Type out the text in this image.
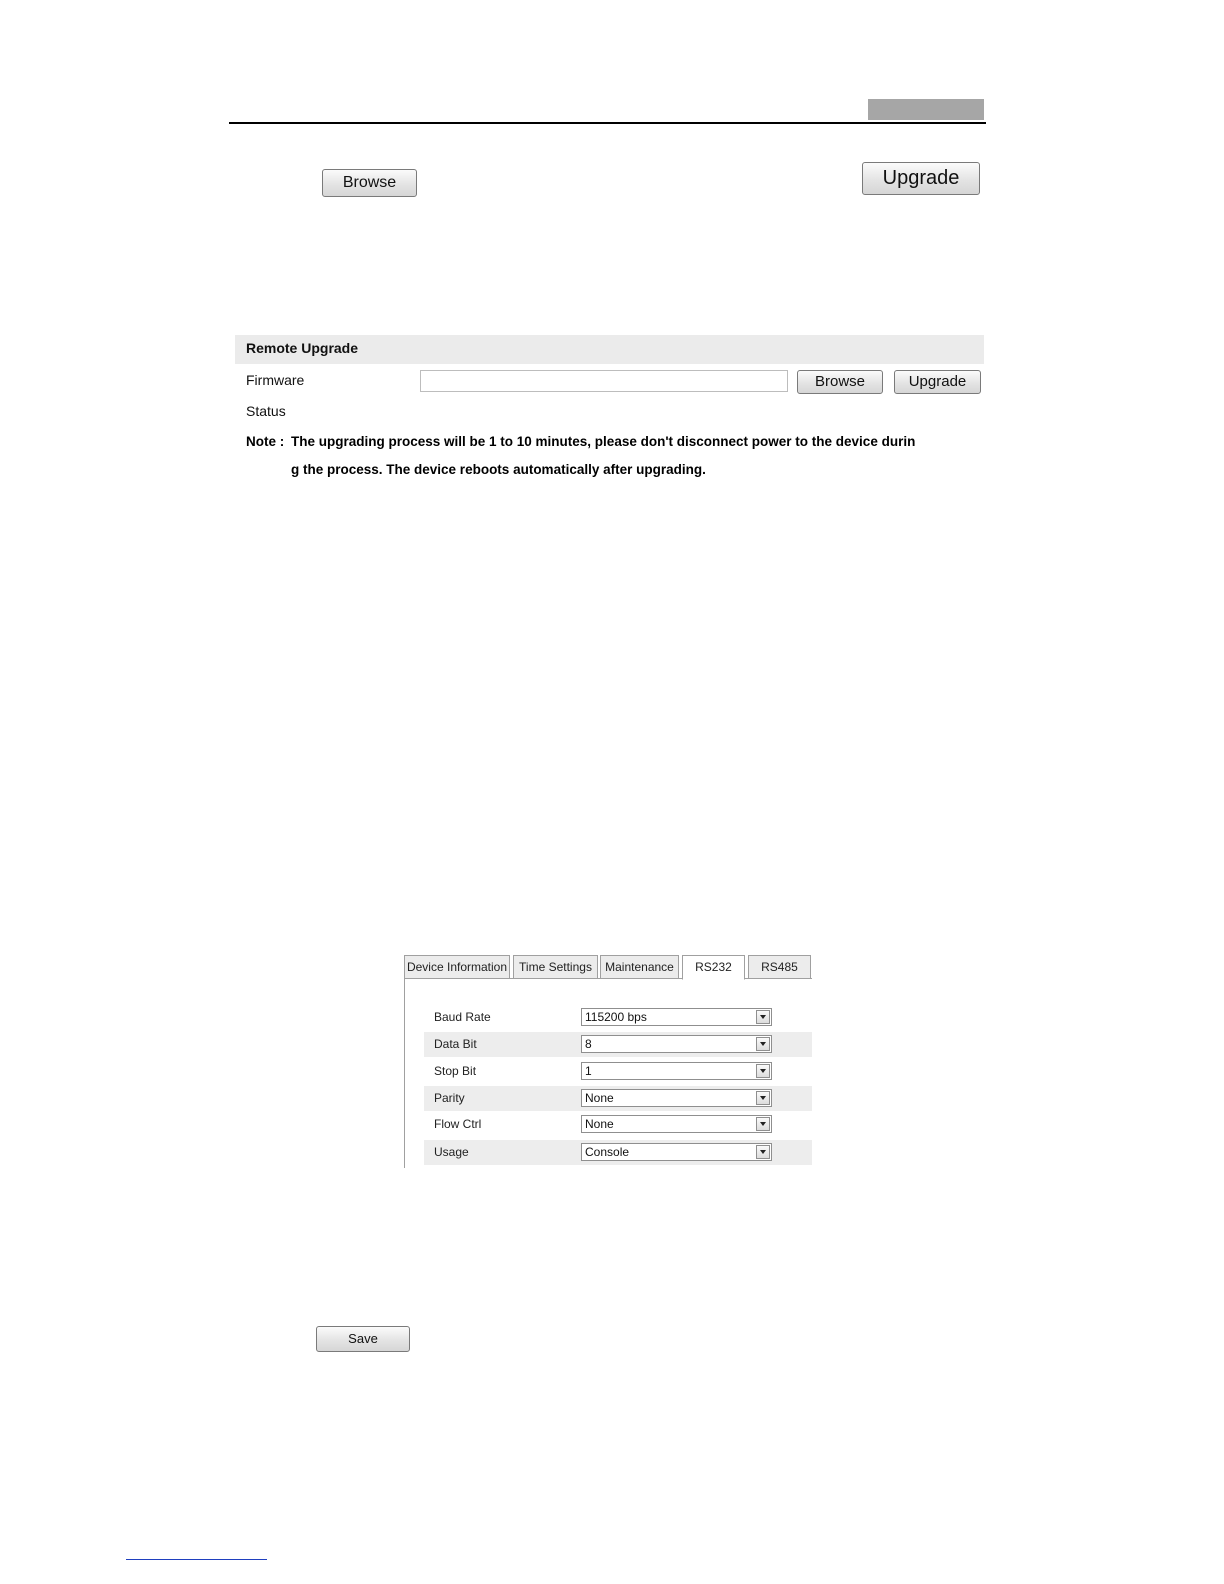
Browse	Upgrade
Remote Upgrade
Firmware	Browse	Upgrade
Status
Note : The upgrading process will be 1 to 10 minutes, please don't disconnect power to the device durin
g the process. The device reboots automatically after upgrading.
Device Information	Time Settings	Maintenance	RS232	RS485
Baud Rate	115200 bps
Data Bit	8
Stop Bit	1
Parity	None
Flow Ctrl	None
Usage	Console
Save
